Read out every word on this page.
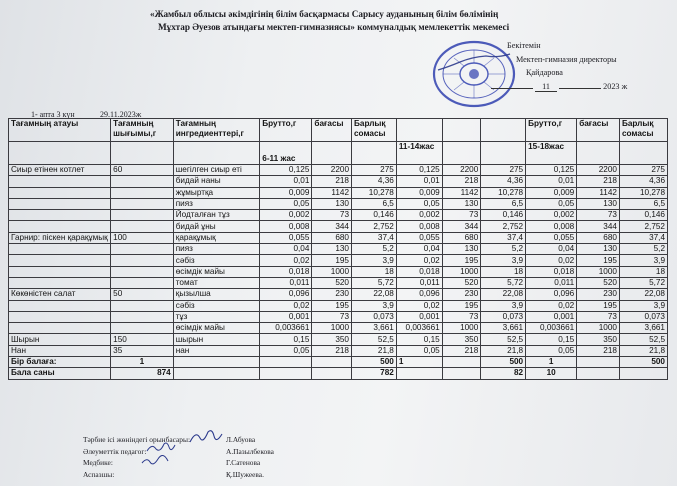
«Жамбыл облысы әкімдігінің білім басқармасы Сарысу ауданының білім бөлімінің
Мұхтар Әуезов атындағы мектеп-гимназиясы» коммуналдық мемлекеттік мекемесі
Бекітемін
Мектеп-гимназия директоры
Қайдарова
11	2023 ж
1- апта 3 күн	29.11.2023ж
Тағамның атауы	Тағамның шығымы,г	Тағамның ингредиенттері,г	Брутто,г	бағасы	Барлық сомасы				Брутто,г	бағасы	Барлық сомасы
			6-11 жас			11-14жас			15-18жас		
Сиыр етінен котлет	60	шегілген сиыр еті	0,125	2200	275	0,125	2200	275	0,125	2200	275
		бидай наны	0,01	218	4,36	0,01	218	4,36	0,01	218	4,36
		жұмыртқа	0,009	1142	10,278	0,009	1142	10,278	0,009	1142	10,278
		пияз	0,05	130	6,5	0,05	130	6,5	0,05	130	6,5
		Йодталған тұз	0,002	73	0,146	0,002	73	0,146	0,002	73	0,146
		бидай ұны	0,008	344	2,752	0,008	344	2,752	0,008	344	2,752
Гарнир: піскен қарақұмық	100	қарақұмық	0,055	680	37,4	0,055	680	37,4	0,055	680	37,4
		пияз	0,04	130	5,2	0,04	130	5,2	0,04	130	5,2
		сәбіз	0,02	195	3,9	0,02	195	3,9	0,02	195	3,9
		өсімдік майы	0,018	1000	18	0,018	1000	18	0,018	1000	18
		томат	0,011	520	5,72	0,011	520	5,72	0,011	520	5,72
Көкөністен салат	50	қызылша	0,096	230	22,08	0,096	230	22,08	0,096	230	22,08
		сәбіз	0,02	195	3,9	0,02	195	3,9	0,02	195	3,9
		тұз	0,001	73	0,073	0,001	73	0,073	0,001	73	0,073
		өсімдік майы	0,003661	1000	3,661	0,003661	1000	3,661	0,003661	1000	3,661
Шырын	150	шырын	0,15	350	52,5	0,15	350	52,5	0,15	350	52,5
Нан	35	нан	0,05	218	21,8	0,05	218	21,8	0,05	218	21,8
Бір балаға:	1				500	1		500	1		500
Бала саны	874				782			82	10		
Тәрбие ісі жөніндегі орынбасары:
Әлеуметтік педагог:
Медбике:
Аспазшы:
Л.Абуова
А.Пазылбекова
Г.Сатенова
Қ.Шужеева.
